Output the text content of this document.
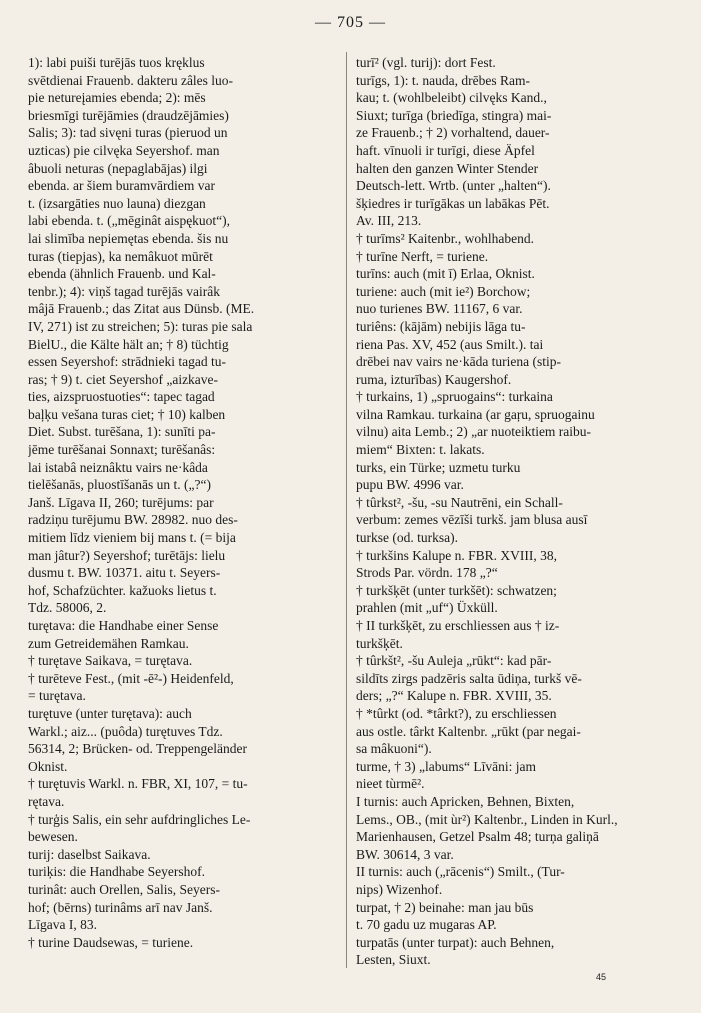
— 705 —
1): labi puiši turējās tuos kręklus
svētdienai Frauenb. dakteru zâles luo-
pie netureįamies ebenda; 2): mēs
briesmīgi turējāmies (draudzējāmies)
Salis; 3): tad sivęni turas (pieruod un
uzticas) pie cilvęka Seyershof. man
âbuoli neturas (nepaglabājas) ilgi
ebenda. ar šiem buramvārdiem var
t. (izsargāties nuo launa) diezgan
labi ebenda. t. („mēginât aispękuot“),
lai slimība nepiemętas ebenda. šis nu
turas (tiepjas), ka nemâkuot mūrēt
ebenda (ähnlich Frauenb. und Kal-
tenbr.); 4): viņš tagad turējās vairâk
mâjā Frauenb.; das Zitat aus Dünsb. (ME.
IV, 271) ist zu streichen; 5): turas pie sala
BielU., die Kälte hält an; † 8) tüchtig
essen Seyershof: strādnieki tagad tu-
ras; † 9) t. ciet Seyershof „aizkave-
ties, aizspruostuoties“: tapec tagad
baļķu vešana turas ciet; † 10) kalben
Diet. Subst. turēšana, 1): sunīti pa-
jēme turēšanai Sonnaxt; turēšanâs:
lai istabâ neiznâktu vairs ne·kâda
tielēšanās, pluostīšanās un t. („?“)
Janš. Līgava II, 260; turējums: par
radziņu turējumu BW. 28982. nuo des-
mitiem līdz vieniem bij mans t. (= bija
man jâtur?) Seyershof; turētājs: lielu
dusmu t. BW. 10371. aitu t. Seyers-
hof, Schafzüchter. kažuoks lietus t.
Tdz. 58006, 2.
turętava: die Handhabe einer Sense
zum Getreidemähen Ramkau.
† turętave Saikava, = turętava.
† turēteve Fest., (mit -ē²-) Heidenfeld,
= turętava.
turętuve (unter turętava): auch
Warkl.; aiz... (puôda) turętuves Tdz.
56314, 2; Brücken- od. Treppengeländer
Oknist.
† turętuvis Warkl. n. FBR, XI, 107, = tu-
rętava.
† turģis Salis, ein sehr aufdringliches Le-
bewesen.
turij: daselbst Saikava.
turiķis: die Handhabe Seyershof.
turinât: auch Orellen, Salis, Seyers-
hof; (bērns) turinâms arī nav Janš.
Līgava I, 83.
† turine Daudsewas, = turiene.
turī² (vgl. turij): dort Fest.
turīgs, 1): t. nauda, drēbes Ram-
kau; t. (wohlbeleibt) cilvęks Kand.,
Siuxt; turīga (briedīga, stingra) mai-
ze Frauenb.; † 2) vorhaltend, dauer-
haft. vīnuoli ir turīgi, diese Äpfel
halten den ganzen Winter Stender
Deutsch-lett. Wrtb. (unter „halten“).
šķiedres ir turīgākas un labākas Pēt.
Av. III, 213.
† turīms² Kaitenbr., wohlhabend.
† turīne Nerft, = turiene.
turīns: auch (mit ī) Erlaa, Oknist.
turiene: auch (mit ie²) Borchow;
nuo turienes BW. 11167, 6 var.
turiêns: (kājām) nebijis lāga tu-
riena Pas. XV, 452 (aus Smilt.). tai
drēbei nav vairs ne·kāda turiena (stip-
ruma, izturības) Kaugershof.
† turkains, 1) „spruogains“: turkaina
vilna Ramkau. turkaina (ar gaŗu, spruogainu
vilnu) aita Lemb.; 2) „ar nuoteiktiem raibu-
miem“ Bixten: t. lakats.
turks, ein Türke; uzmetu turku
pupu BW. 4996 var.
† tûrkst², -šu, -su Nautrēni, ein Schall-
verbum: zemes vēzīši turkš. jam blusa ausī
turkse (od. turksa).
† turkšins Kalupe n. FBR. XVIII, 38,
Strods Par. vördn. 178 „?“
† turkšķēt (unter turkšēt): schwatzen;
prahlen (mit „uf“) Üxküll.
† II turkšķēt, zu erschliessen aus † iz-
turkšķēt.
† tûrkšt², -šu Auleja „rūkt“: kad pār-
sildīts zirgs padzēris salta ūdiņa, turkš vē-
ders; „?“ Kalupe n. FBR. XVIII, 35.
† *tûrkt (od. *târkt?), zu erschliessen
aus ostle. târkt Kaltenbr. „rūkt (par negai-
sa mâkuoni“).
turme, † 3) „labums“ Līvāni: jam
nieet tùrmē².
I turnis: auch Apricken, Behnen, Bixten,
Lems., OB., (mit ùr²) Kaltenbr., Linden in Kurl.,
Marienhausen, Getzel Psalm 48; turņa galiņā
BW. 30614, 3 var.
II turnis: auch („rācenis“) Smilt., (Tur-
nips) Wizenhof.
turpat, † 2) beinahe: man jau būs
t. 70 gadu uz mugaras AP.
turpatās (unter turpat): auch Behnen,
Lesten, Siuxt.
45
